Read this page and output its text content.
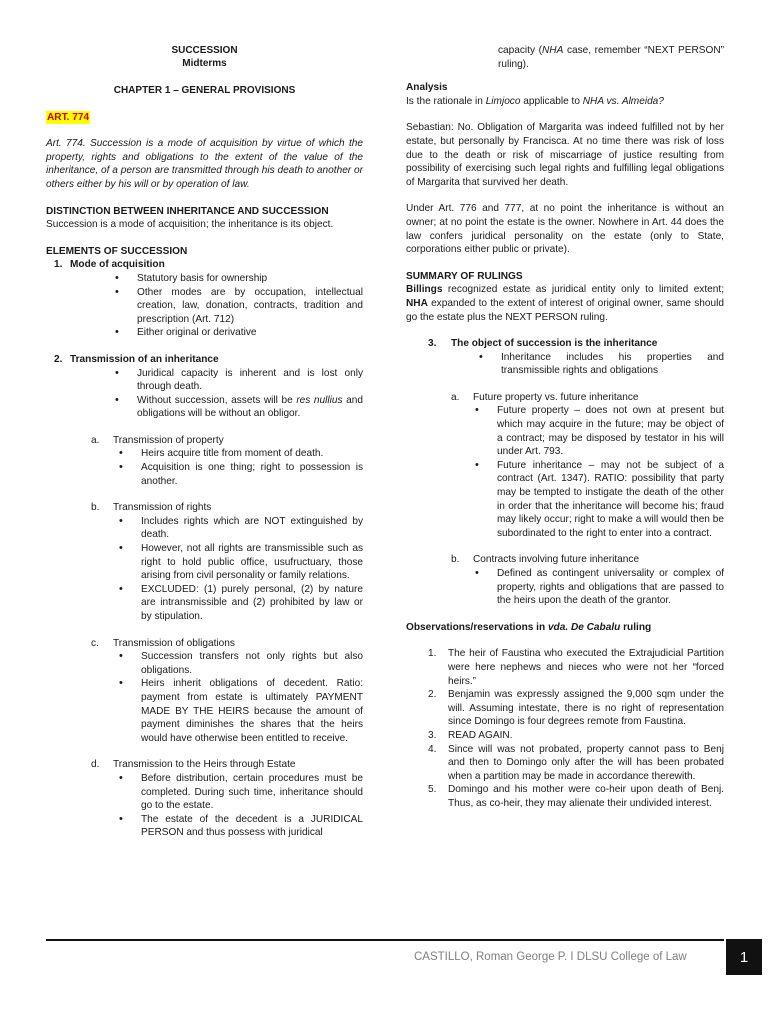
SUCCESSION
Midterms
CHAPTER 1 – GENERAL PROVISIONS
ART. 774
Art. 774. Succession is a mode of acquisition by virtue of which the property, rights and obligations to the extent of the value of the inheritance, of a person are transmitted through his death to another or others either by his will or by operation of law.
DISTINCTION BETWEEN INHERITANCE AND SUCCESSION
Succession is a mode of acquisition; the inheritance is its object.
ELEMENTS OF SUCCESSION
1. Mode of acquisition
• Statutory basis for ownership
• Other modes are by occupation, intellectual creation, law, donation, contracts, tradition and prescription (Art. 712)
• Either original or derivative
2. Transmission of an inheritance
• Juridical capacity is inherent and is lost only through death.
• Without succession, assets will be res nullius and obligations will be without an obligor.
a. Transmission of property
• Heirs acquire title from moment of death.
• Acquisition is one thing; right to possession is another.
b. Transmission of rights
• Includes rights which are NOT extinguished by death.
• However, not all rights are transmissible such as right to hold public office, usufructuary, those arising from civil personality or family relations.
• EXCLUDED: (1) purely personal, (2) by nature are intransmissible and (2) prohibited by law or by stipulation.
c. Transmission of obligations
• Succession transfers not only rights but also obligations.
• Heirs inherit obligations of decedent. Ratio: payment from estate is ultimately PAYMENT MADE BY THE HEIRS because the amount of payment diminishes the shares that the heirs would have otherwise been entitled to receive.
d. Transmission to the Heirs through Estate
• Before distribution, certain procedures must be completed. During such time, inheritance should go to the estate.
• The estate of the decedent is a JURIDICAL PERSON and thus possess with juridical
capacity (NHA case, remember “NEXT PERSON” ruling).
Analysis
Is the rationale in Limjoco applicable to NHA vs. Almeida?
Sebastian: No. Obligation of Margarita was indeed fulfilled not by her estate, but personally by Francisca. At no time there was risk of loss due to the death or risk of miscarriage of justice resulting from possibility of exercising such legal rights and fulfilling legal obligations of Margarita that survived her death.
Under Art. 776 and 777, at no point the inheritance is without an owner; at no point the estate is the owner. Nowhere in Art. 44 does the law confers juridical personality on the estate (only to State, corporations either public or private).
SUMMARY OF RULINGS
Billings recognized estate as juridical entity only to limited extent; NHA expanded to the extent of interest of original owner, same should go the estate plus the NEXT PERSON ruling.
3. The object of succession is the inheritance
• Inheritance includes his properties and transmissible rights and obligations
a. Future property vs. future inheritance
• Future property – does not own at present but which may acquire in the future; may be object of a contract; may be disposed by testator in his will under Art. 793.
• Future inheritance – may not be subject of a contract (Art. 1347). RATIO: possibility that party may be tempted to instigate the death of the other in order that the inheritance will become his; fraud may likely occur; right to make a will would then be subordinated to the right to enter into a contract.
b. Contracts involving future inheritance
• Defined as contingent universality or complex of property, rights and obligations that are passed to the heirs upon the death of the grantor.
Observations/reservations in vda. De Cabalu ruling
1. The heir of Faustina who executed the Extrajudicial Partition were here nephews and nieces who were not her “forced heirs.”
2. Benjamin was expressly assigned the 9,000 sqm under the will. Assuming intestate, there is no right of representation since Domingo is four degrees remote from Faustina.
3. READ AGAIN.
4. Since will was not probated, property cannot pass to Benj and then to Domingo only after the will has been probated when a partition may be made in accordance therewith.
5. Domingo and his mother were co-heir upon death of Benj. Thus, as co-heir, they may alienate their undivided interest.
CASTILLO, Roman George P. I DLSU College of Law	1
